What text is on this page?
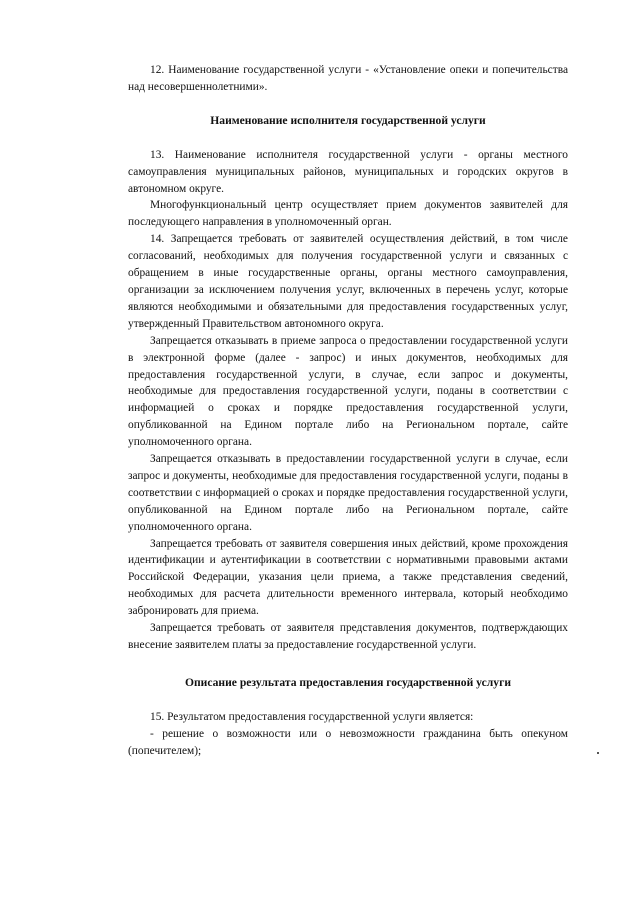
12. Наименование государственной услуги - «Установление опеки и попечительства над несовершеннолетними».

Наименование исполнителя государственной услуги

13. Наименование исполнителя государственной услуги - органы местного самоуправления муниципальных районов, муниципальных и городских округов в автономном округе.

Многофункциональный центр осуществляет прием документов заявителей для последующего направления в уполномоченный орган.

14. Запрещается требовать от заявителей осуществления действий, в том числе согласований, необходимых для получения государственной услуги и связанных с обращением в иные государственные органы, органы местного самоуправления, организации за исключением получения услуг, включенных в перечень услуг, которые являются необходимыми и обязательными для предоставления государственных услуг, утвержденный Правительством автономного округа.

Запрещается отказывать в приеме запроса о предоставлении государственной услуги в электронной форме (далее - запрос) и иных документов, необходимых для предоставления государственной услуги, в случае, если запрос и документы, необходимые для предоставления государственной услуги, поданы в соответствии с информацией о сроках и порядке предоставления государственной услуги, опубликованной на Едином портале либо на Региональном портале, сайте уполномоченного органа.

Запрещается отказывать в предоставлении государственной услуги в случае, если запрос и документы, необходимые для предоставления государственной услуги, поданы в соответствии с информацией о сроках и порядке предоставления государственной услуги, опубликованной на Едином портале либо на Региональном портале, сайте уполномоченного органа.

Запрещается требовать от заявителя совершения иных действий, кроме прохождения идентификации и аутентификации в соответствии с нормативными правовыми актами Российской Федерации, указания цели приема, а также представления сведений, необходимых для расчета длительности временного интервала, который необходимо забронировать для приема.

Запрещается требовать от заявителя представления документов, подтверждающих внесение заявителем платы за предоставление государственной услуги.

Описание результата предоставления государственной услуги

15. Результатом предоставления государственной услуги является:

- решение о возможности или о невозможности гражданина быть опекуном (попечителем);
